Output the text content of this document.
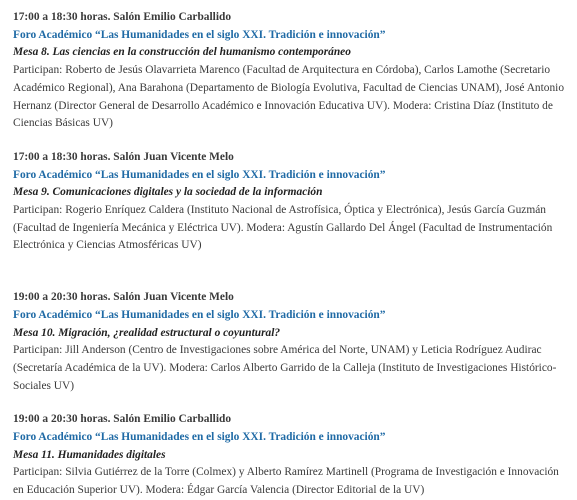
17:00 a 18:30 horas. Salón Emilio Carballido

Foro Académico “Las Humanidades en el siglo XXI. Tradición e innovación”

Mesa 8. Las ciencias en la construcción del humanismo contemporáneo

Participan: Roberto de Jesús Olavarrieta Marenco (Facultad de Arquitectura en Córdoba), Carlos Lamothe (Secretario Académico Regional), Ana Barahona (Departamento de Biología Evolutiva, Facultad de Ciencias UNAM), José Antonio Hernanz (Director General de Desarrollo Académico e Innovación Educativa UV). Modera: Cristina Díaz (Instituto de Ciencias Básicas UV)

17:00 a 18:30 horas. Salón Juan Vicente Melo

Foro Académico “Las Humanidades en el siglo XXI. Tradición e innovación”

Mesa 9. Comunicaciones digitales y la sociedad de la información

Participan: Rogerio Enríquez Caldera (Instituto Nacional de Astrofísica, Óptica y Electrónica), Jesús García Guzmán (Facultad de Ingeniería Mecánica y Eléctrica UV). Modera: Agustín Gallardo Del Ángel (Facultad de Instrumentación Electrónica y Ciencias Atmosféricas UV)

19:00 a 20:30 horas. Salón Juan Vicente Melo

Foro Académico “Las Humanidades en el siglo XXI. Tradición e innovación”

Mesa 10. Migración, ¿realidad estructural o coyuntural?

Participan: Jill Anderson (Centro de Investigaciones sobre América del Norte, UNAM) y Leticia Rodríguez Audirac (Secretaría Académica de la UV). Modera: Carlos Alberto Garrido de la Calleja (Instituto de Investigaciones Histórico-Sociales UV)

19:00 a 20:30 horas. Salón Emilio Carballido

Foro Académico “Las Humanidades en el siglo XXI. Tradición e innovación”

Mesa 11. Humanidades digitales

Participan: Silvia Gutiérrez de la Torre (Colmex) y Alberto Ramírez Martinell (Programa de Investigación e Innovación en Educación Superior UV). Modera: Édgar García Valencia (Director Editorial de la UV)
